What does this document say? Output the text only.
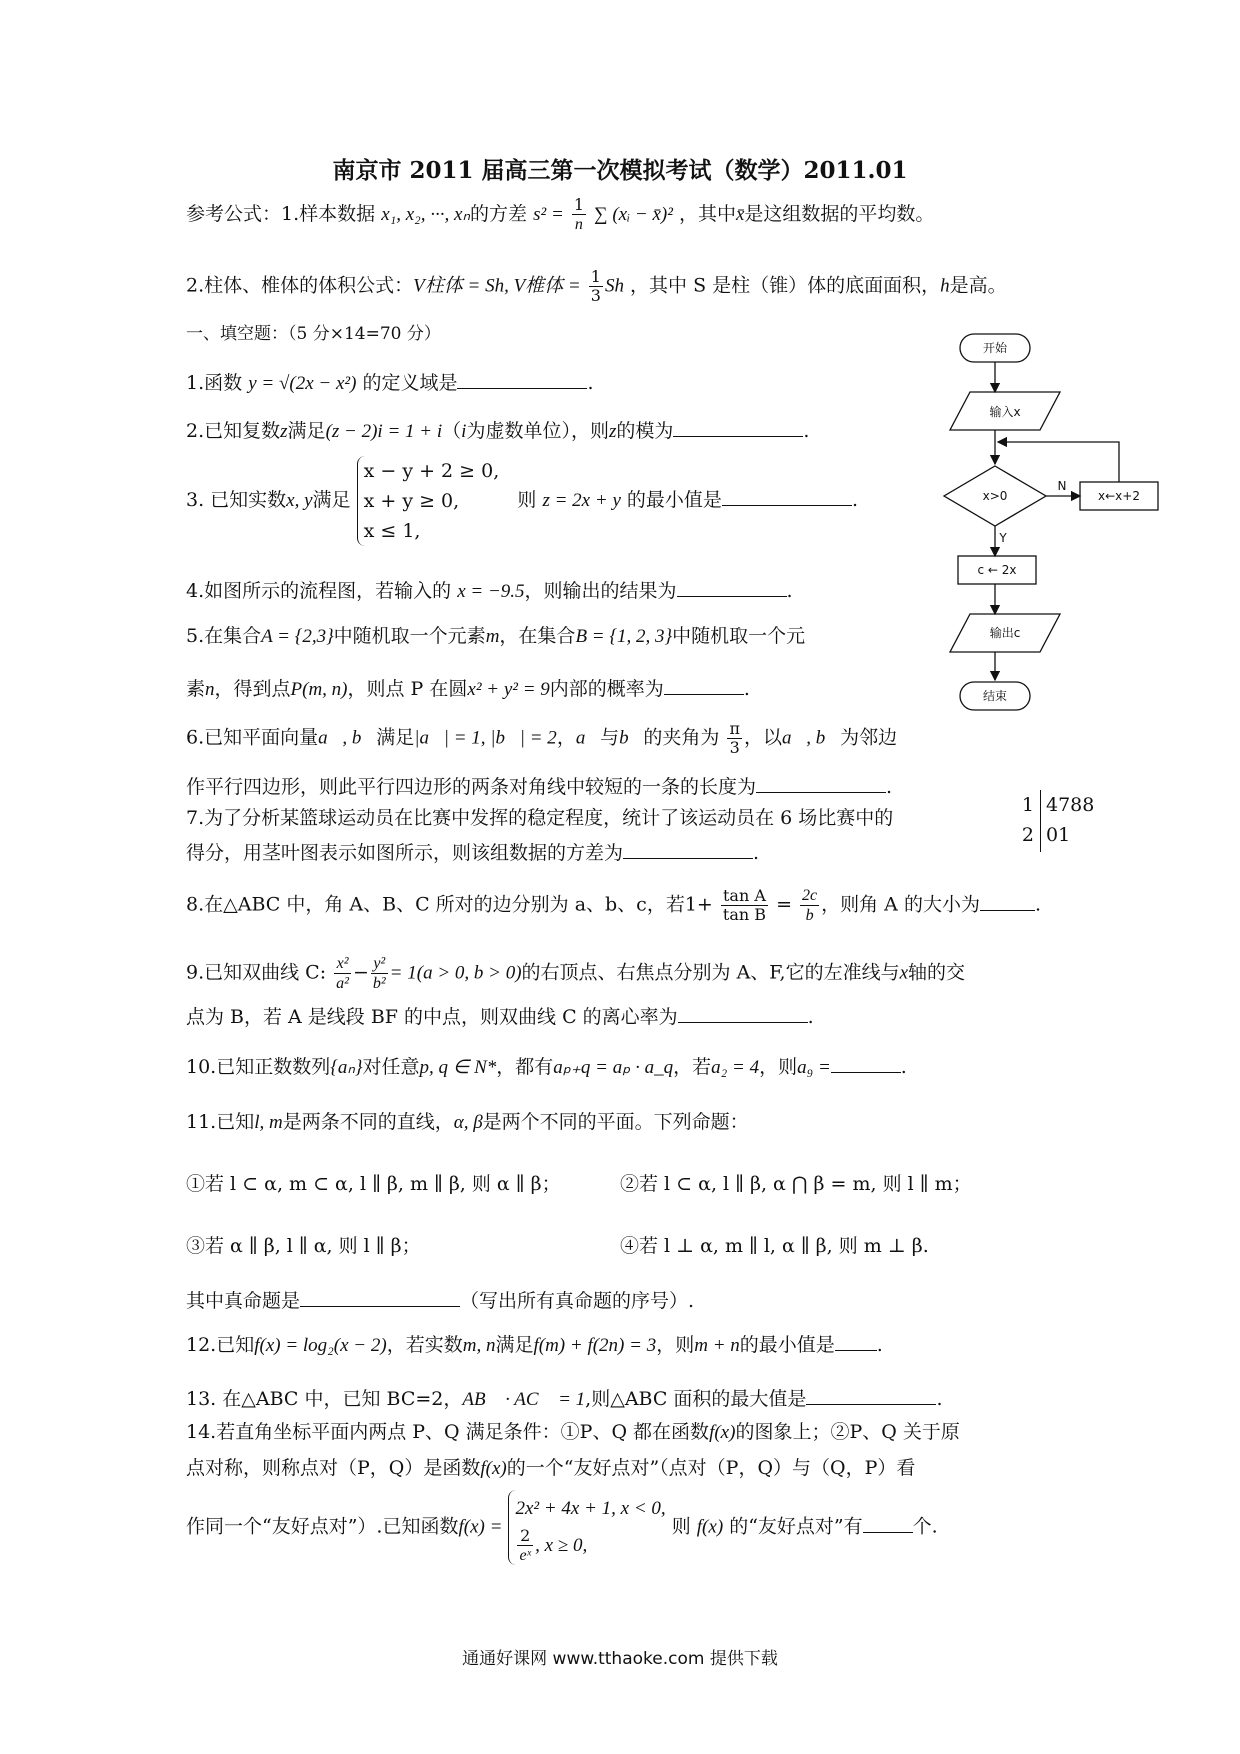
南京市 2011 届高三第一次模拟考试（数学）2011.01
参考公式：1.样本数据 x₁, x₂, ···, xₙ的方差 $s^2 = \frac{1}{n}$ ∑ (xᵢ − x̄)² ，其中x̄是这组数据的平均数。
2.柱体、椎体的体积公式：V柱体 = Sh, V椎体 = $\frac{1}{3}$ Sh ，其中 S 是柱（锥）体的底面面积，h是高。
一、填空题：（5 分×14=70 分）
1.函数 y = √(2x − x²) 的定义域是	.
2.已知复数z满足(z − 2)i = 1 + i（i为虚数单位），则z的模为	.
3. 已知实数x, y满足
x − y + 2 ≥ 0,
x + y ≥ 0,
x ≤ 1,
则 z = 2x + y 的最小值是	.
4.如图所示的流程图，若输入的 x = −9.5，则输出的结果为	.
5.在集合A = {2,3}中随机取一个元素m，在集合B = {1, 2, 3}中随机取一个元
素n，得到点P(m, n)，则点 P 在圆x² + y² = 9内部的概率为	.
6.已知平面向量a⃗, b⃗满足|a⃗| = 1, |b⃗| = 2，a⃗与b⃗的夹角为 $\frac{\pi}{3}$ ，以a⃗, b⃗为邻边
作平行四边形，则此平行四边形的两条对角线中较短的一条的长度为	.
7.为了分析某篮球运动员在比赛中发挥的稳定程度，统计了该运动员在 6 场比赛中的
得分，用茎叶图表示如图所示，则该组数据的方差为	.
1 4788
2 01
8.在△ABC 中，角 A、B、C 所对的边分别为 a、b、c，若$1+ \frac{\text{tan A}}{\text{tan B}} = \frac{2c}{b}$ ，则角 A 的大小为	.
9.已知双曲线 C: $\frac{\text{x²}}{\text{a²}} - \frac{\text{y²}}{\text{b²}} = 1(a > 0$, b > 0)的右顶点、右焦点分别为 A、F,它的左准线与x轴的交
点为 B，若 A 是线段 BF 的中点，则双曲线 C 的离心率为	.
10.已知正数数列{aₙ}对任意p, q ∈ N*，都有aₚ₊q = aₚ · a_q，若a₂ = 4，则a₉ =	.
11.已知l, m是两条不同的直线，α, β是两个不同的平面。下列命题：
①若 l ⊂ α, m ⊂ α, l ∥ β, m ∥ β, 则 α ∥ β；	②若 l ⊂ α, l ∥ β, α ⋂ β = m, 则 l ∥ m；
③若 α ∥ β, l ∥ α, 则 l ∥ β；	④若 l ⊥ α, m ∥ l, α ∥ β, 则 m ⊥ β.
其中真命题是	（写出所有真命题的序号）.
12.已知f(x) = log₂(x − 2)，若实数m, n满足f(m) + f(2n) = 3，则m + n的最小值是 .
13. 在△ABC 中，已知 BC=2，AB⃗ · AC⃗ = 1,则△ABC 面积的最大值是	.
14.若直角坐标平面内两点 P、Q 满足条件：①P、Q 都在函数f(x)的图象上；②P、Q 关于原
点对称，则称点对（P，Q）是函数f(x)的一个“友好点对”（点对（P，Q）与（Q，P）看
作同一个“友好点对”）.已知函数f(x) =
2x² + 4x + 1, x < 0,
$\frac{2}{\text{eˣ}}$ , x ≥ 0,
则 f(x) 的“友好点对”有	个.
开始
输入x
x>0
N
Y
x←x+2
c ← 2x
输出c
结束
通通好课网 www.tthaoke.com 提供下载
